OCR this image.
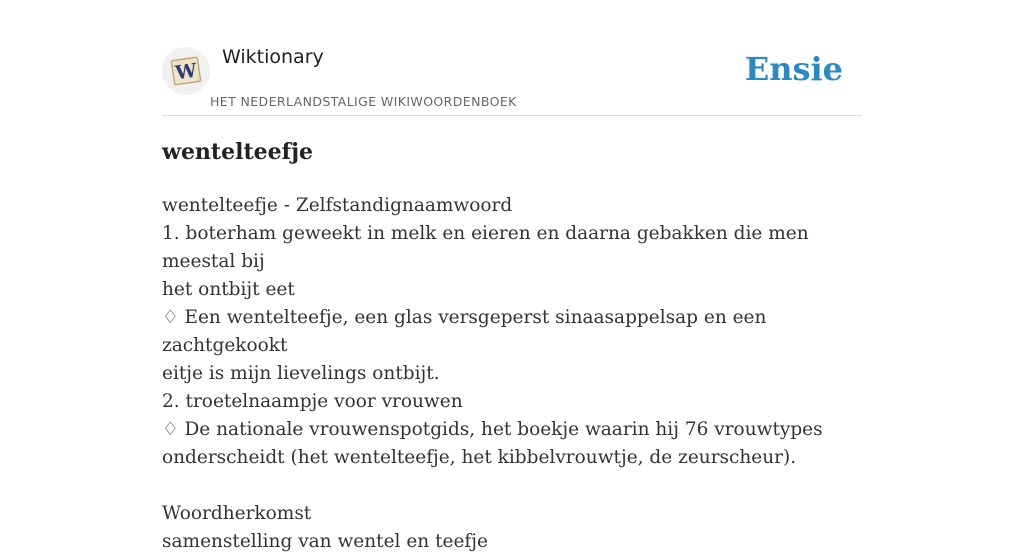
W
Wiktionary
HET NEDERLANDSTALIGE WIKIWOORDENBOEK
Ensie
wentelteefje
wentelteefje - Zelfstandignaamwoord
1. boterham geweekt in melk en eieren en daarna gebakken die men meestal bij
het ontbijt eet
♢ Een wentelteefje, een glas versgeperst sinaasappelsap en een zachtgekookt
eitje is mijn lievelings ontbijt.
2. troetelnaampje voor vrouwen
♢ De nationale vrouwenspotgids, het boekje waarin hij 76 vrouwtypes
onderscheidt (het wentelteefje, het kibbelvrouwtje, de zeurscheur).
Woordherkomst
samenstelling van wentel en teefje
